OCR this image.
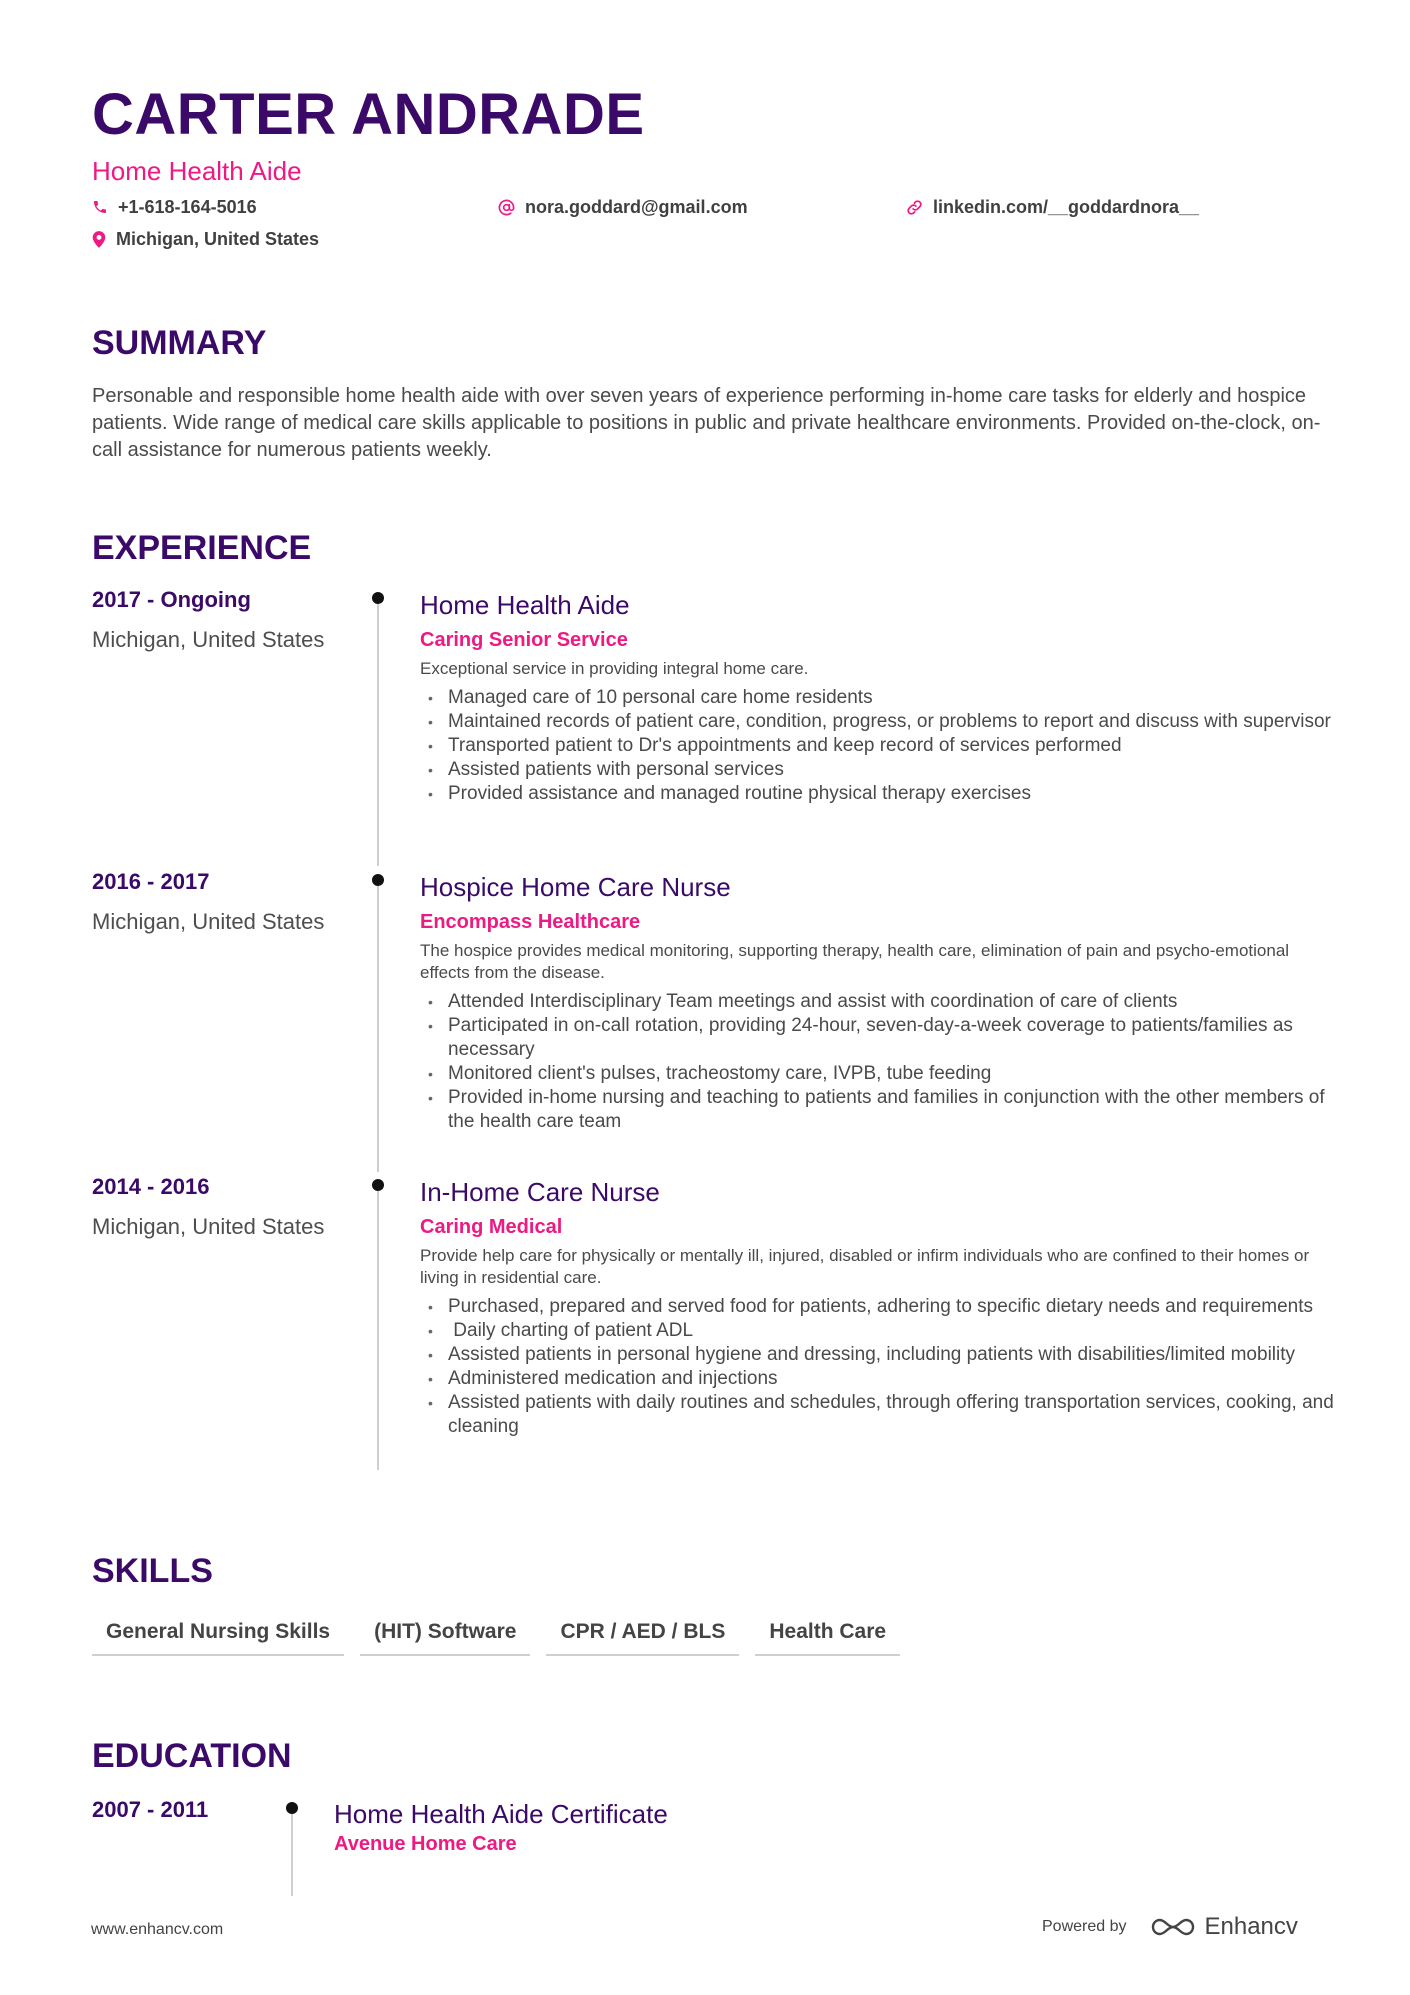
CARTER ANDRADE
Home Health Aide
+1-618-164-5016	nora.goddard@gmail.com	linkedin.com/__goddardnora__
Michigan, United States
SUMMARY

Personable and responsible home health aide with over seven years of experience performing in-home care tasks for elderly and hospice patients. Wide range of medical care skills applicable to positions in public and private healthcare environments. Provided on-the-clock, on-call assistance for numerous patients weekly.

EXPERIENCE
2017 - Ongoing
Michigan, United States
Home Health Aide
Caring Senior Service
Exceptional service in providing integral home care.
• Managed care of 10 personal care home residents
• Maintained records of patient care, condition, progress, or problems to report and discuss with supervisor
• Transported patient to Dr's appointments and keep record of services performed
• Assisted patients with personal services
• Provided assistance and managed routine physical therapy exercises
2016 - 2017
Michigan, United States
Hospice Home Care Nurse
Encompass Healthcare
The hospice provides medical monitoring, supporting therapy, health care, elimination of pain and psycho-emotional effects from the disease.
• Attended Interdisciplinary Team meetings and assist with coordination of care of clients
• Participated in on-call rotation, providing 24-hour, seven-day-a-week coverage to patients/families as necessary
• Monitored client's pulses, tracheostomy care, IVPB, tube feeding
• Provided in-home nursing and teaching to patients and families in conjunction with the other members of the health care team
2014 - 2016
Michigan, United States
In-Home Care Nurse
Caring Medical
Provide help care for physically or mentally ill, injured, disabled or infirm individuals who are confined to their homes or living in residential care.
• Purchased, prepared and served food for patients, adhering to specific dietary needs and requirements
•  Daily charting of patient ADL
• Assisted patients in personal hygiene and dressing, including patients with disabilities/limited mobility
• Administered medication and injections
• Assisted patients with daily routines and schedules, through offering transportation services, cooking, and cleaning
SKILLS
General Nursing Skills	(HIT) Software	CPR / AED / BLS	Health Care
EDUCATION
2007 - 2011	Home Health Aide Certificate
Avenue Home Care
www.enhancv.com	Powered by	Enhancv
